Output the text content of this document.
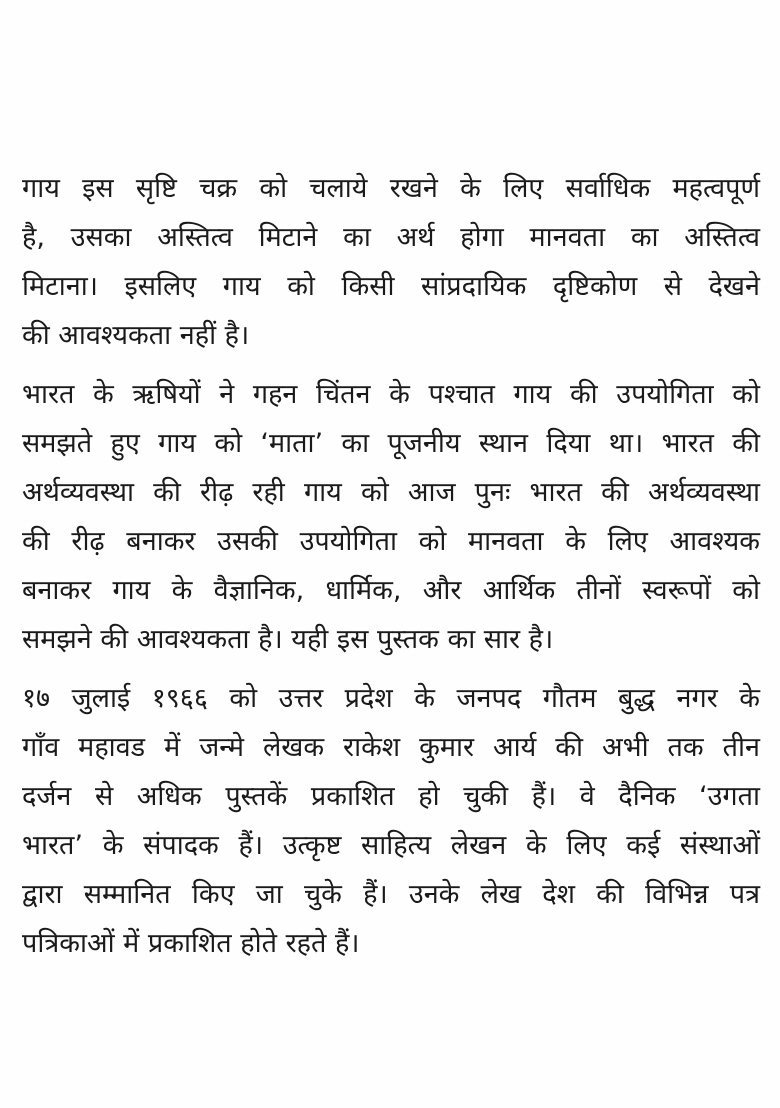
गाय इस सृष्टि चक्र को चलाये रखने के लिए सर्वाधिक महत्वपूर्ण
है, उसका अस्तित्व मिटाने का अर्थ होगा मानवता का अस्तित्व
मिटाना। इसलिए गाय को किसी सांप्रदायिक दृष्टिकोण से देखने
की आवश्यकता नहीं है।
भारत के ऋषियों ने गहन चिंतन के पश्चात गाय की उपयोगिता को
समझते हुए गाय को ‘माता’ का पूजनीय स्थान दिया था। भारत की
अर्थव्यवस्था की रीढ़ रही गाय को आज पुनः भारत की अर्थव्यवस्था
की रीढ़ बनाकर उसकी उपयोगिता को मानवता के लिए आवश्यक
बनाकर गाय के वैज्ञानिक, धार्मिक, और आर्थिक तीनों स्वरूपों को
समझने की आवश्यकता है। यही इस पुस्तक का सार है।
१७ जुलाई १९६६ को उत्तर प्रदेश के जनपद गौतम बुद्ध नगर के
गाँव महावड में जन्मे लेखक राकेश कुमार आर्य की अभी तक तीन
दर्जन से अधिक पुस्तकें प्रकाशित हो चुकी हैं। वे दैनिक ‘उगता
भारत’ के संपादक हैं। उत्कृष्ट साहित्य लेखन के लिए कई संस्थाओं
द्वारा सम्मानित किए जा चुके हैं। उनके लेख देश की विभिन्न पत्र
पत्रिकाओं में प्रकाशित होते रहते हैं।
